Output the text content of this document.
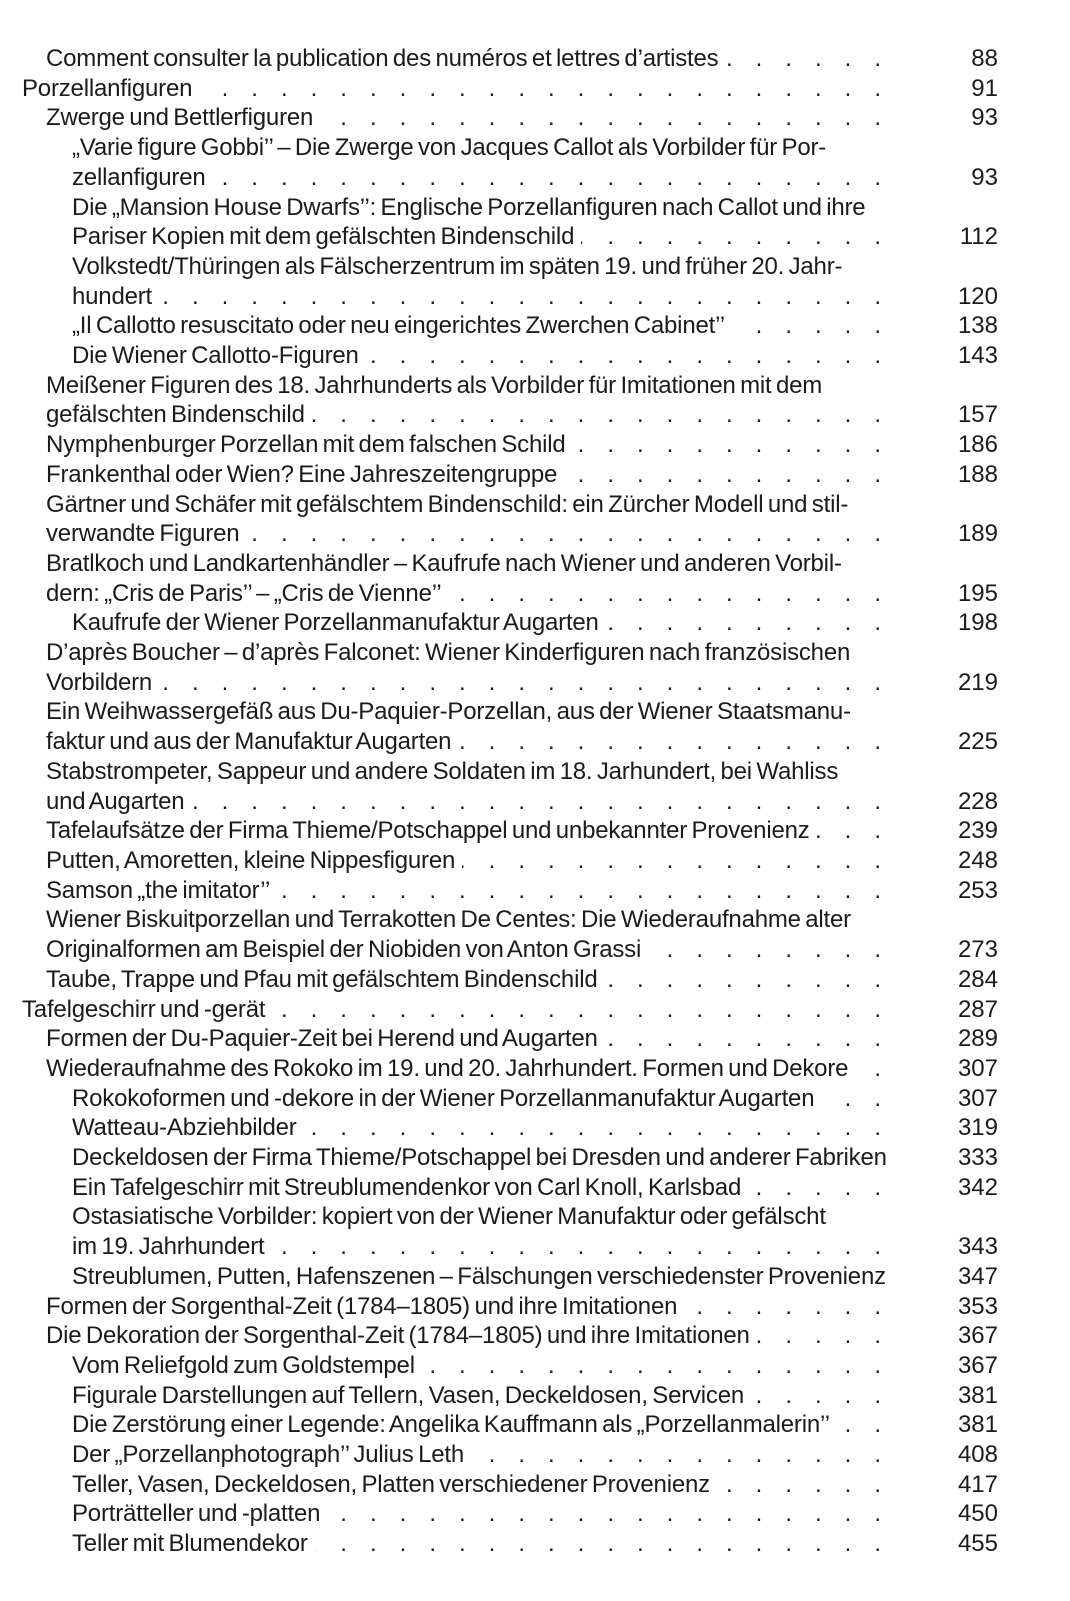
Comment consulter la publication des numéros et lettres d’artistes .....	88
Porzellanfiguren .....	91
Zwerge und Bettlerfiguren .....	93
„Varie figure Gobbi’’ – Die Zwerge von Jacques Callot als Vorbilder für Por-
zellanfiguren .....	93
Die „Mansion House Dwarfs’’: Englische Porzellanfiguren nach Callot und ihre
Pariser Kopien mit dem gefälschten Bindenschild .....	112
Volkstedt/Thüringen als Fälscherzentrum im späten 19. und früher 20. Jahr-
hundert .....	120
„Il Callotto resuscitato oder neu eingerichtes Zwerchen Cabinet’’ .....	138
Die Wiener Callotto-Figuren .....	143
Meißener Figuren des 18. Jahrhunderts als Vorbilder für Imitationen mit dem
gefälschten Bindenschild .....	157
Nymphenburger Porzellan mit dem falschen Schild .....	186
Frankenthal oder Wien? Eine Jahreszeitengruppe .....	188
Gärtner und Schäfer mit gefälschtem Bindenschild: ein Zürcher Modell und stil-
verwandte Figuren .....	189
Bratlkoch und Landkartenhändler – Kaufrufe nach Wiener und anderen Vorbil-
dern: „Cris de Paris’’ – „Cris de Vienne’’ .....	195
Kaufrufe der Wiener Porzellanmanufaktur Augarten .....	198
D’après Boucher – d’après Falconet: Wiener Kinderfiguren nach französischen
Vorbildern .....	219
Ein Weihwassergefäß aus Du-Paquier-Porzellan, aus der Wiener Staatsmanu-
faktur und aus der Manufaktur Augarten .....	225
Stabstrompeter, Sappeur und andere Soldaten im 18. Jarhundert, bei Wahliss
und Augarten .....	228
Tafelaufsätze der Firma Thieme/Potschappel und unbekannter Provenienz .....	239
Putten, Amoretten, kleine Nippesfiguren .....	248
Samson „the imitator’’ .....	253
Wiener Biskuitporzellan und Terrakotten De Centes: Die Wiederaufnahme alter
Originalformen am Beispiel der Niobiden von Anton Grassi .....	273
Taube, Trappe und Pfau mit gefälschtem Bindenschild .....	284
Tafelgeschirr und -gerät .....	287
Formen der Du-Paquier-Zeit bei Herend und Augarten .....	289
Wiederaufnahme des Rokoko im 19. und 20. Jahrhundert. Formen und Dekore .....	307
Rokokoformen und -dekore in der Wiener Porzellanmanufaktur Augarten .....	307
Watteau-Abziehbilder .....	319
Deckeldosen der Firma Thieme/Potschappel bei Dresden und anderer Fabriken .....	333
Ein Tafelgeschirr mit Streublumendenkor von Carl Knoll, Karlsbad .....	342
Ostasiatische Vorbilder: kopiert von der Wiener Manufaktur oder gefälscht
im 19. Jahrhundert .....	343
Streublumen, Putten, Hafenszenen – Fälschungen verschiedenster Provenienz .....	347
Formen der Sorgenthal-Zeit (1784–1805) und ihre Imitationen .....	353
Die Dekoration der Sorgenthal-Zeit (1784–1805) und ihre Imitationen .....	367
Vom Reliefgold zum Goldstempel .....	367
Figurale Darstellungen auf Tellern, Vasen, Deckeldosen, Servicen .....	381
Die Zerstörung einer Legende: Angelika Kauffmann als „Porzellanmalerin’’ .....	381
Der „Porzellanphotograph’’ Julius Leth .....	408
Teller, Vasen, Deckeldosen, Platten verschiedener Provenienz .....	417
Porträtteller und -platten .....	450
Teller mit Blumendekor .....	455
